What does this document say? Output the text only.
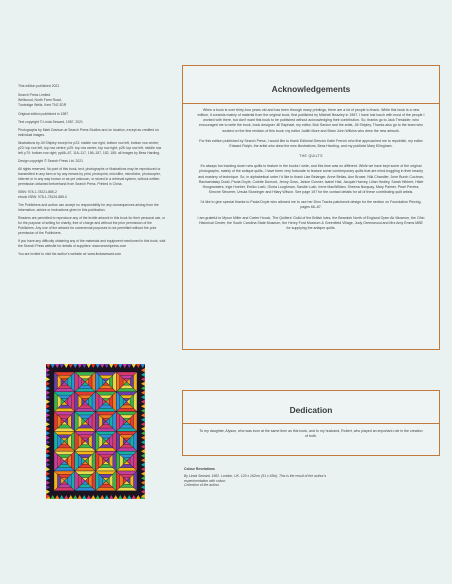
This edition published 2021

Search Press Limited
Wellwood, North Farm Road,
Tunbridge Wells, Kent TN2 3DR

Original edition published in 1987

Text copyright © Linda Seward, 1987, 2021

Photographs by Mark Davison at Search Press Studios and on location, except as credited on individual images.

Illustrations by Jill Shipley except for p23: middle row right, bottom row left, bottom row centre; p23: top row left, top row centre; p25: top row centre, top row right; p28: top row left, middle row left; p70: bottom row right; pp66–67, 116–117, 156–157, 182, 185: all images by Bess Harding.

Design copyright © Search Press Ltd. 2021

All rights reserved. No part of this book, text, photographs or illustrations may be reproduced or transmitted in any form or by any means by print, photoprint, microfilm, microfiche, photocopier, internet or in any way known or as yet unknown, or stored in a retrieval system, without written permission obtained beforehand from Search Press. Printed in China.

ISBN: 978-1-78221-885-2
ebook ISBN: 978-1-78126-885-0

The Publishers and author can accept no responsibility for any consequences arising from the information, advice or instructions given in this publication.

Readers are permitted to reproduce any of the textile artwork in this book for their personal use, or for the purpose of selling for charity, free of charge and without the prior permission of the Publishers. Any use of the artwork for commercial purposes is not permitted without the prior permission of the Publishers.

If you have any difficulty obtaining any of the materials and equipment mentioned in this book, visit the Search Press website for details of suppliers: www.searchpress.com

You are invited to visit the author’s website at: www.lindaseward.com

Acknowledgements

When a book is over thirty-four years old and has been through many printings, there are a lot of people to thank. While this book is a new edition, it consists mainly of material from the original book, first published by Mitchell Beazley in 1987. I have lost touch with most of the people I worked with there, but don’t want this book to be published without acknowledging their contribution. So, thanks go to Jack Tresidder, who encouraged me to write the book, book designer Jill Raphael, my editor, Bob Saxton and the artist, Jill Shipley. Thanks also go to the team who worked on the first revision of this book: my editor Judith More and Brian John Wilkins who drew the new artwork.

For this edition published by Search Press, I would like to thank Editorial Director Katie French who first approached me to republish, my editor Edward Ralph, the artist who drew the new illustrations, Bess Harding, and my publicist Mary Ellingham.

THE QUILTS

It’s always fun tracking down new quilts to feature in the books I write, and this time was no different. While we have kept some of the original photographs, mainly of the antique quilts, I have been very fortunate to feature some contemporary quilts that are mind-boggling in their beauty and mastery of technique. So, in alphabetical order I’d like to thank Lise Belanger, Anne Bellas, Ann Bruser, Niki Chandler, June Burch Cochran, Rachaeldaisy Dodd, Paula Doyle, Colette Dumont, Jenny Goss, Janice Gunner, Isabel Hall, Jacquie Harvey, Lilian Hedley, Sarah Hibbert, Hilde Hoogewaters, Inge Hueber, Emiko Loeb, Gloria Loughman, Sandie Lush, Irene MacWilliam, Sheena Norquay, Mary Palmer, Pearl Pereira, Simone Steuerer, Ursula Sturzinger and Hilary Wilson. See page 197 for the contact details for all of these contributing quilt artists.

I’d like to give special thanks to Paula Doyle who allowed me to use her Dino Tracks patchwork design for the section on Foundation Piecing, pages 66–67.

I am grateful to Myron Miller and Carter Houck, The Quilters’ Guild of the British Isles, the Beamish North of England Open Air Museum, the Ohio Historical Center, the South Carolina State Museum, the Henry Ford Museum & Greenfield Village, Judy Greenwood and Mrs Amy Emms MBE for supplying the antique quilts.

Dedication

To my daughter, Alyson, who was born at the same time as this book, and to my husband, Robert, who played an important role in the creation of both.

Colour Revelations

By Linda Seward, 1982. London, UK. 129 x 162cm (51 x 63in). This is the result of the author’s experimentation with colour.

Collection of the author.
